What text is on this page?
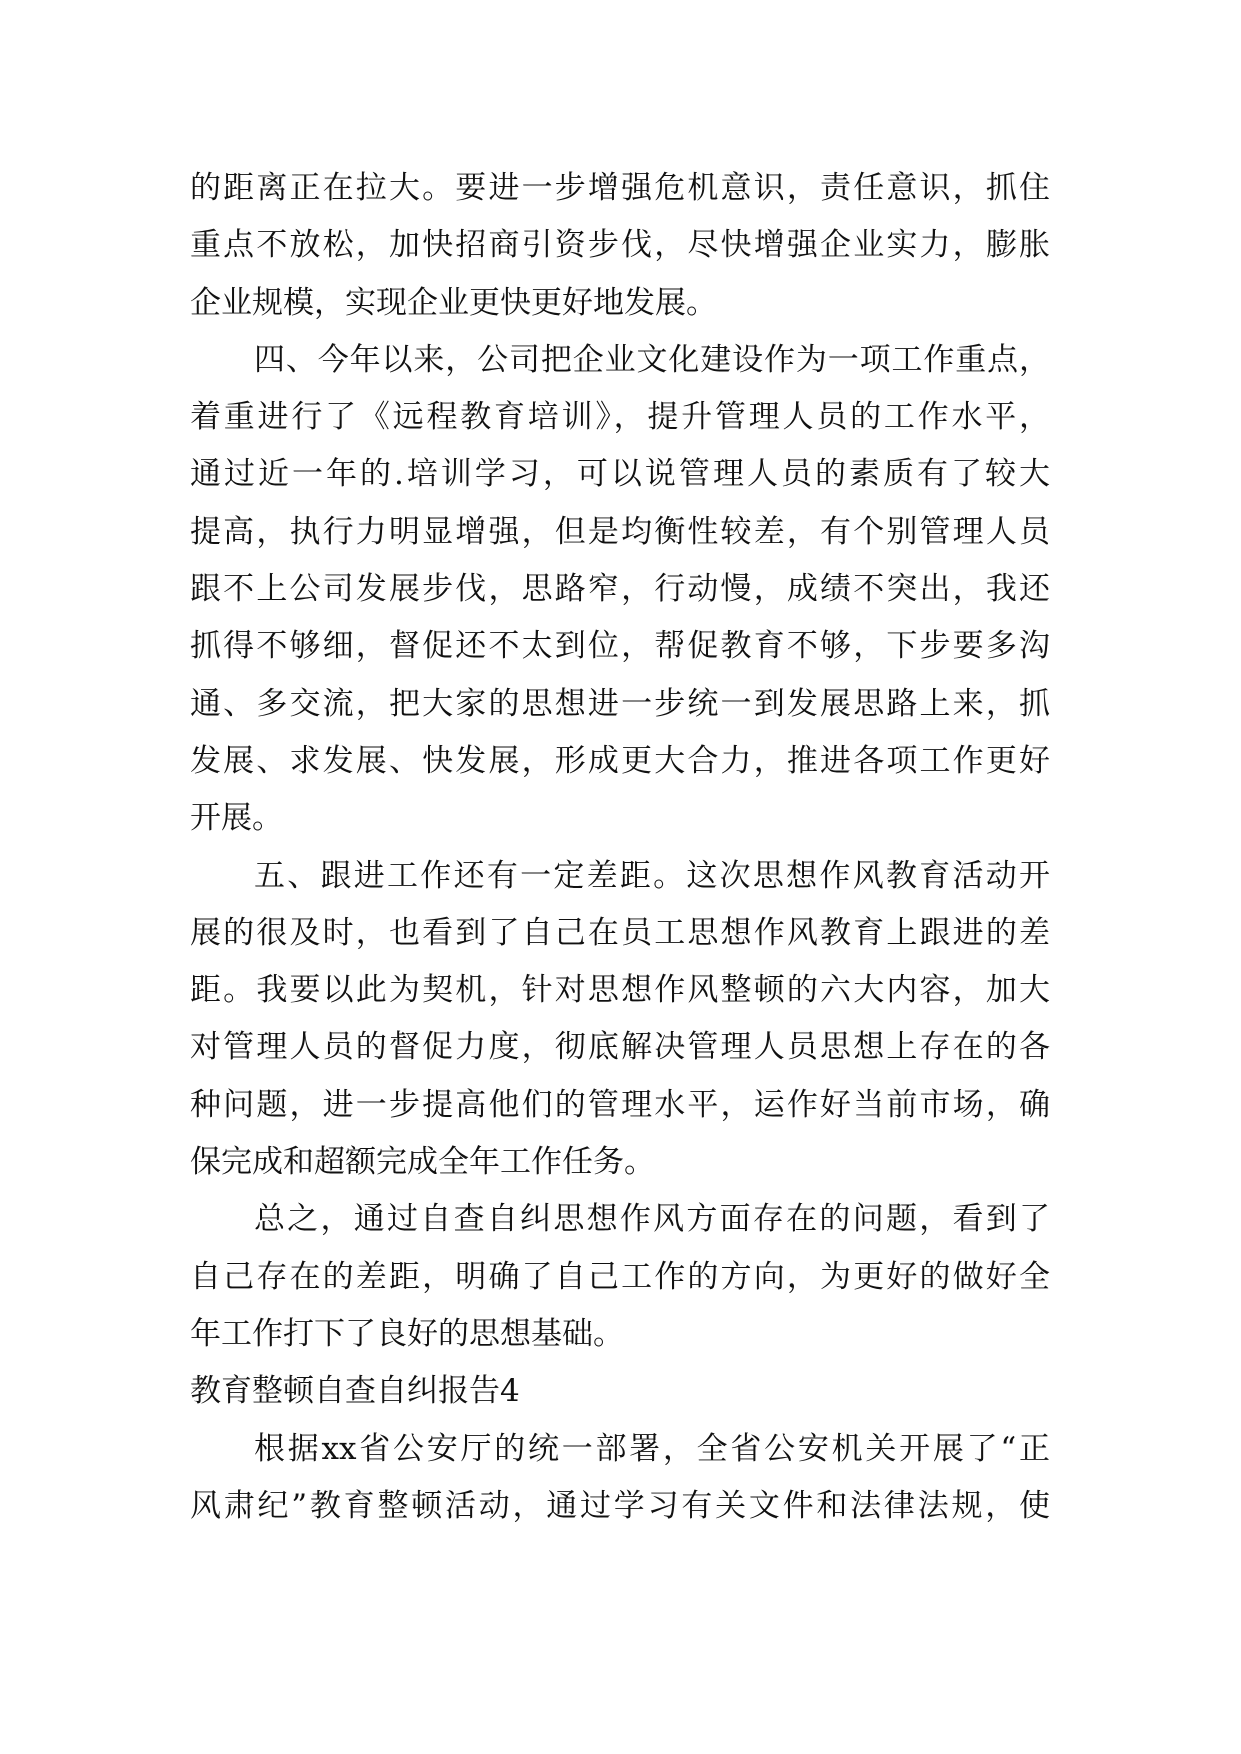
的距离正在拉大。要进一步增强危机意识，责任意识，抓住
重点不放松，加快招商引资步伐，尽快增强企业实力，膨胀
企业规模，实现企业更快更好地发展。
四、今年以来，公司把企业文化建设作为一项工作重点，
着重进行了《远程教育培训》，提升管理人员的工作水平，
通过近一年的.培训学习，可以说管理人员的素质有了较大
提高，执行力明显增强，但是均衡性较差，有个别管理人员
跟不上公司发展步伐，思路窄，行动慢，成绩不突出，我还
抓得不够细，督促还不太到位，帮促教育不够，下步要多沟
通、多交流，把大家的思想进一步统一到发展思路上来，抓
发展、求发展、快发展，形成更大合力，推进各项工作更好
开展。
五、跟进工作还有一定差距。这次思想作风教育活动开
展的很及时，也看到了自己在员工思想作风教育上跟进的差
距。我要以此为契机，针对思想作风整顿的六大内容，加大
对管理人员的督促力度，彻底解决管理人员思想上存在的各
种问题，进一步提高他们的管理水平，运作好当前市场，确
保完成和超额完成全年工作任务。
总之，通过自查自纠思想作风方面存在的问题，看到了
自己存在的差距，明确了自己工作的方向，为更好的做好全
年工作打下了良好的思想基础。
教育整顿自查自纠报告4
根据xx省公安厅的统一部署，全省公安机关开展了“正
风肃纪”教育整顿活动，通过学习有关文件和法律法规，使
